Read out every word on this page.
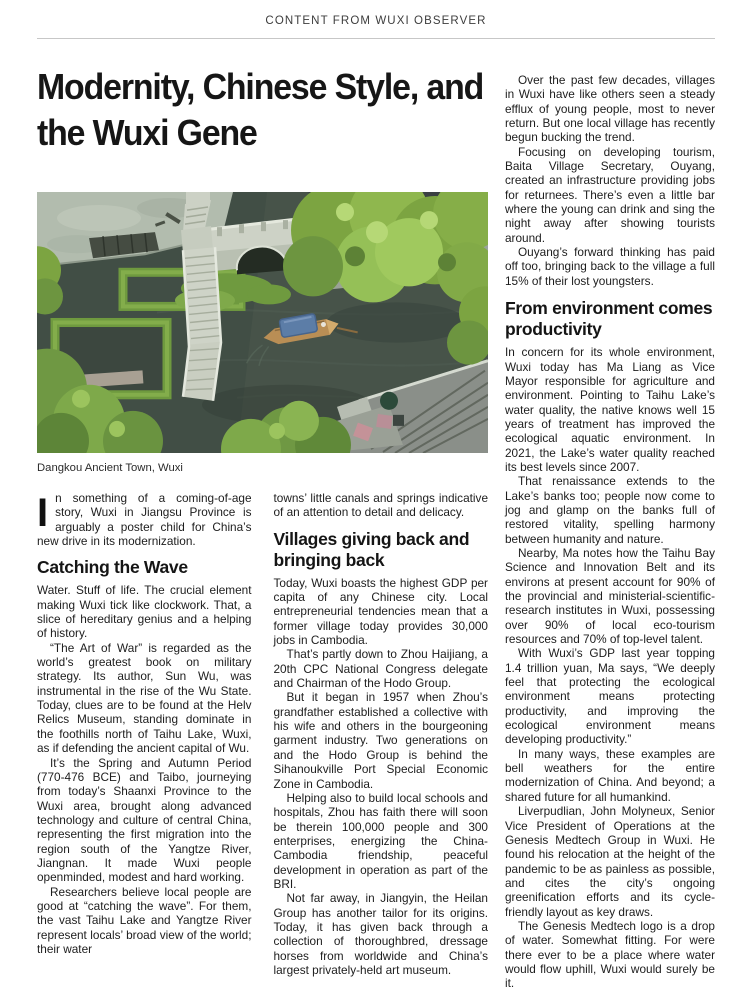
CONTENT FROM WUXI OBSERVER
Modernity, Chinese Style, and the Wuxi Gene
Dangkou Ancient Town, Wuxi

In something of a coming-of-age story, Wuxi in Jiangsu Province is arguably a poster child for China’s new drive in its modernization.

Catching the Wave

Water. Stuff of life. The crucial element making Wuxi tick like clockwork. That, a slice of hereditary genius and a helping of history.

“The Art of War” is regarded as the world’s greatest book on military strategy. Its author, Sun Wu, was instrumental in the rise of the Wu State. Today, clues are to be found at the Helv Relics Museum, standing dominate in the foothills north of Taihu Lake, Wuxi, as if defending the ancient capital of Wu.

It’s the Spring and Autumn Period (770-476 BCE) and Taibo, journeying from today’s Shaanxi Province to the Wuxi area, brought along advanced technology and culture of central China, representing the first migration into the region south of the Yangtze River, Jiangnan. It made Wuxi people openminded, modest and hard working.

Researchers believe local people are good at “catching the wave”. For them, the vast Taihu Lake and Yangtze River represent locals’ broad view of the world; their water

towns’ little canals and springs indicative of an attention to detail and delicacy.

Villages giving back and bringing back

Today, Wuxi boasts the highest GDP per capita of any Chinese city. Local entrepreneurial tendencies mean that a former village today provides 30,000 jobs in Cambodia.

That’s partly down to Zhou Haijiang, a 20th CPC National Congress delegate and Chairman of the Hodo Group.

But it began in 1957 when Zhou’s grandfather established a collective with his wife and others in the bourgeoning garment industry. Two generations on and the Hodo Group is behind the Sihanoukville Port Special Economic Zone in Cambodia.

Helping also to build local schools and hospitals, Zhou has faith there will soon be therein 100,000 people and 300 enterprises, energizing the China-Cambodia friendship, peaceful development in operation as part of the BRI.

Not far away, in Jiangyin, the Heilan Group has another tailor for its origins. Today, it has given back through a collection of thoroughbred, dressage horses from worldwide and China’s largest privately-held art museum.

Over the past few decades, villages in Wuxi have like others seen a steady efflux of young people, most to never return. But one local village has recently begun bucking the trend.

Focusing on developing tourism, Baita Village Secretary, Ouyang, created an infrastructure providing jobs for returnees. There’s even a little bar where the young can drink and sing the night away after showing tourists around.

Ouyang’s forward thinking has paid off too, bringing back to the village a full 15% of their lost youngsters.

From environment comes productivity

In concern for its whole environment, Wuxi today has Ma Liang as Vice Mayor responsible for agriculture and environment. Pointing to Taihu Lake’s water quality, the native knows well 15 years of treatment has improved the ecological aquatic environment. In 2021, the Lake’s water quality reached its best levels since 2007.

That renaissance extends to the Lake’s banks too; people now come to jog and glamp on the banks full of restored vitality, spelling harmony between humanity and nature.

Nearby, Ma notes how the Taihu Bay Science and Innovation Belt and its environs at present account for 90% of the provincial and ministerial-scientific-research institutes in Wuxi, possessing over 90% of local eco-tourism resources and 70% of top-level talent.

With Wuxi’s GDP last year topping 1.4 trillion yuan, Ma says, “We deeply feel that protecting the ecological environment means protecting productivity, and improving the ecological environment means developing productivity.”

In many ways, these examples are bell weathers for the entire modernization of China. And beyond; a shared future for all humankind.

Liverpudlian, John Molyneux, Senior Vice President of Operations at the Genesis Medtech Group in Wuxi. He found his relocation at the height of the pandemic to be as painless as possible, and cites the city’s ongoing greenification efforts and its cycle-friendly layout as key draws.

The Genesis Medtech logo is a drop of water. Somewhat fitting. For were there ever to be a place where water would flow uphill, Wuxi would surely be it.
